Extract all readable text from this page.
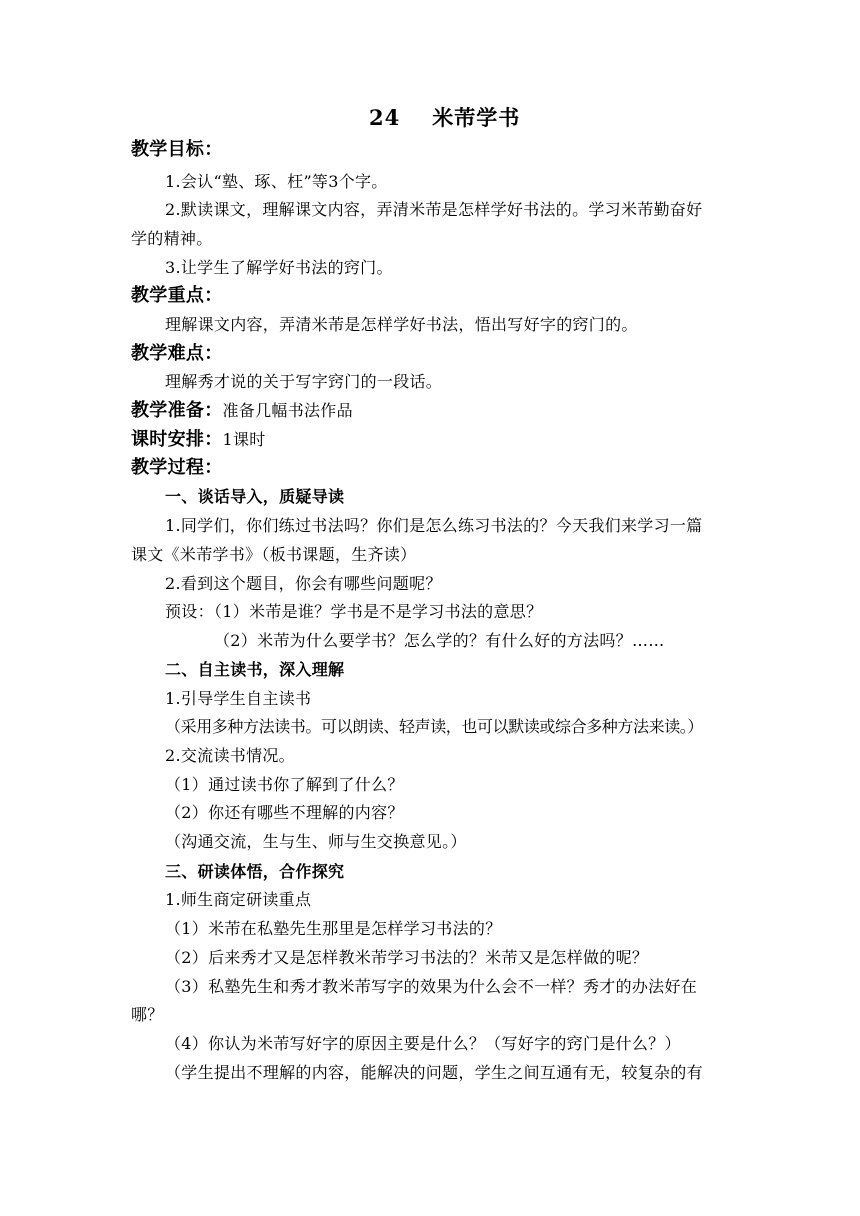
24 米芾学书
教学目标：
1.会认“塾、琢、枉”等3个字。
2.默读课文，理解课文内容，弄清米芾是怎样学好书法的。学习米芾勤奋好
学的精神。
3.让学生了解学好书法的窍门。
教学重点：
理解课文内容，弄清米芾是怎样学好书法，悟出写好字的窍门的。
教学难点：
理解秀才说的关于写字窍门的一段话。
教学准备：准备几幅书法作品
课时安排：1课时
教学过程：
一、谈话导入，质疑导读
1.同学们，你们练过书法吗？你们是怎么练习书法的？今天我们来学习一篇
课文《米芾学书》（板书课题，生齐读）
2.看到这个题目，你会有哪些问题呢？
预设：（1）米芾是谁？学书是不是学习书法的意思？
（2）米芾为什么要学书？怎么学的？有什么好的方法吗？……
二、自主读书，深入理解
1.引导学生自主读书
（采用多种方法读书。可以朗读、轻声读，也可以默读或综合多种方法来读。）
2.交流读书情况。
（1）通过读书你了解到了什么？
（2）你还有哪些不理解的内容？
（沟通交流，生与生、师与生交换意见。）
三、研读体悟，合作探究
1.师生商定研读重点
（1）米芾在私塾先生那里是怎样学习书法的？
（2）后来秀才又是怎样教米芾学习书法的？米芾又是怎样做的呢？
（3）私塾先生和秀才教米芾写字的效果为什么会不一样？秀才的办法好在
哪？
（4）你认为米芾写好字的原因主要是什么？（写好字的窍门是什么？）
（学生提出不理解的内容，能解决的问题，学生之间互通有无，较复杂的有
